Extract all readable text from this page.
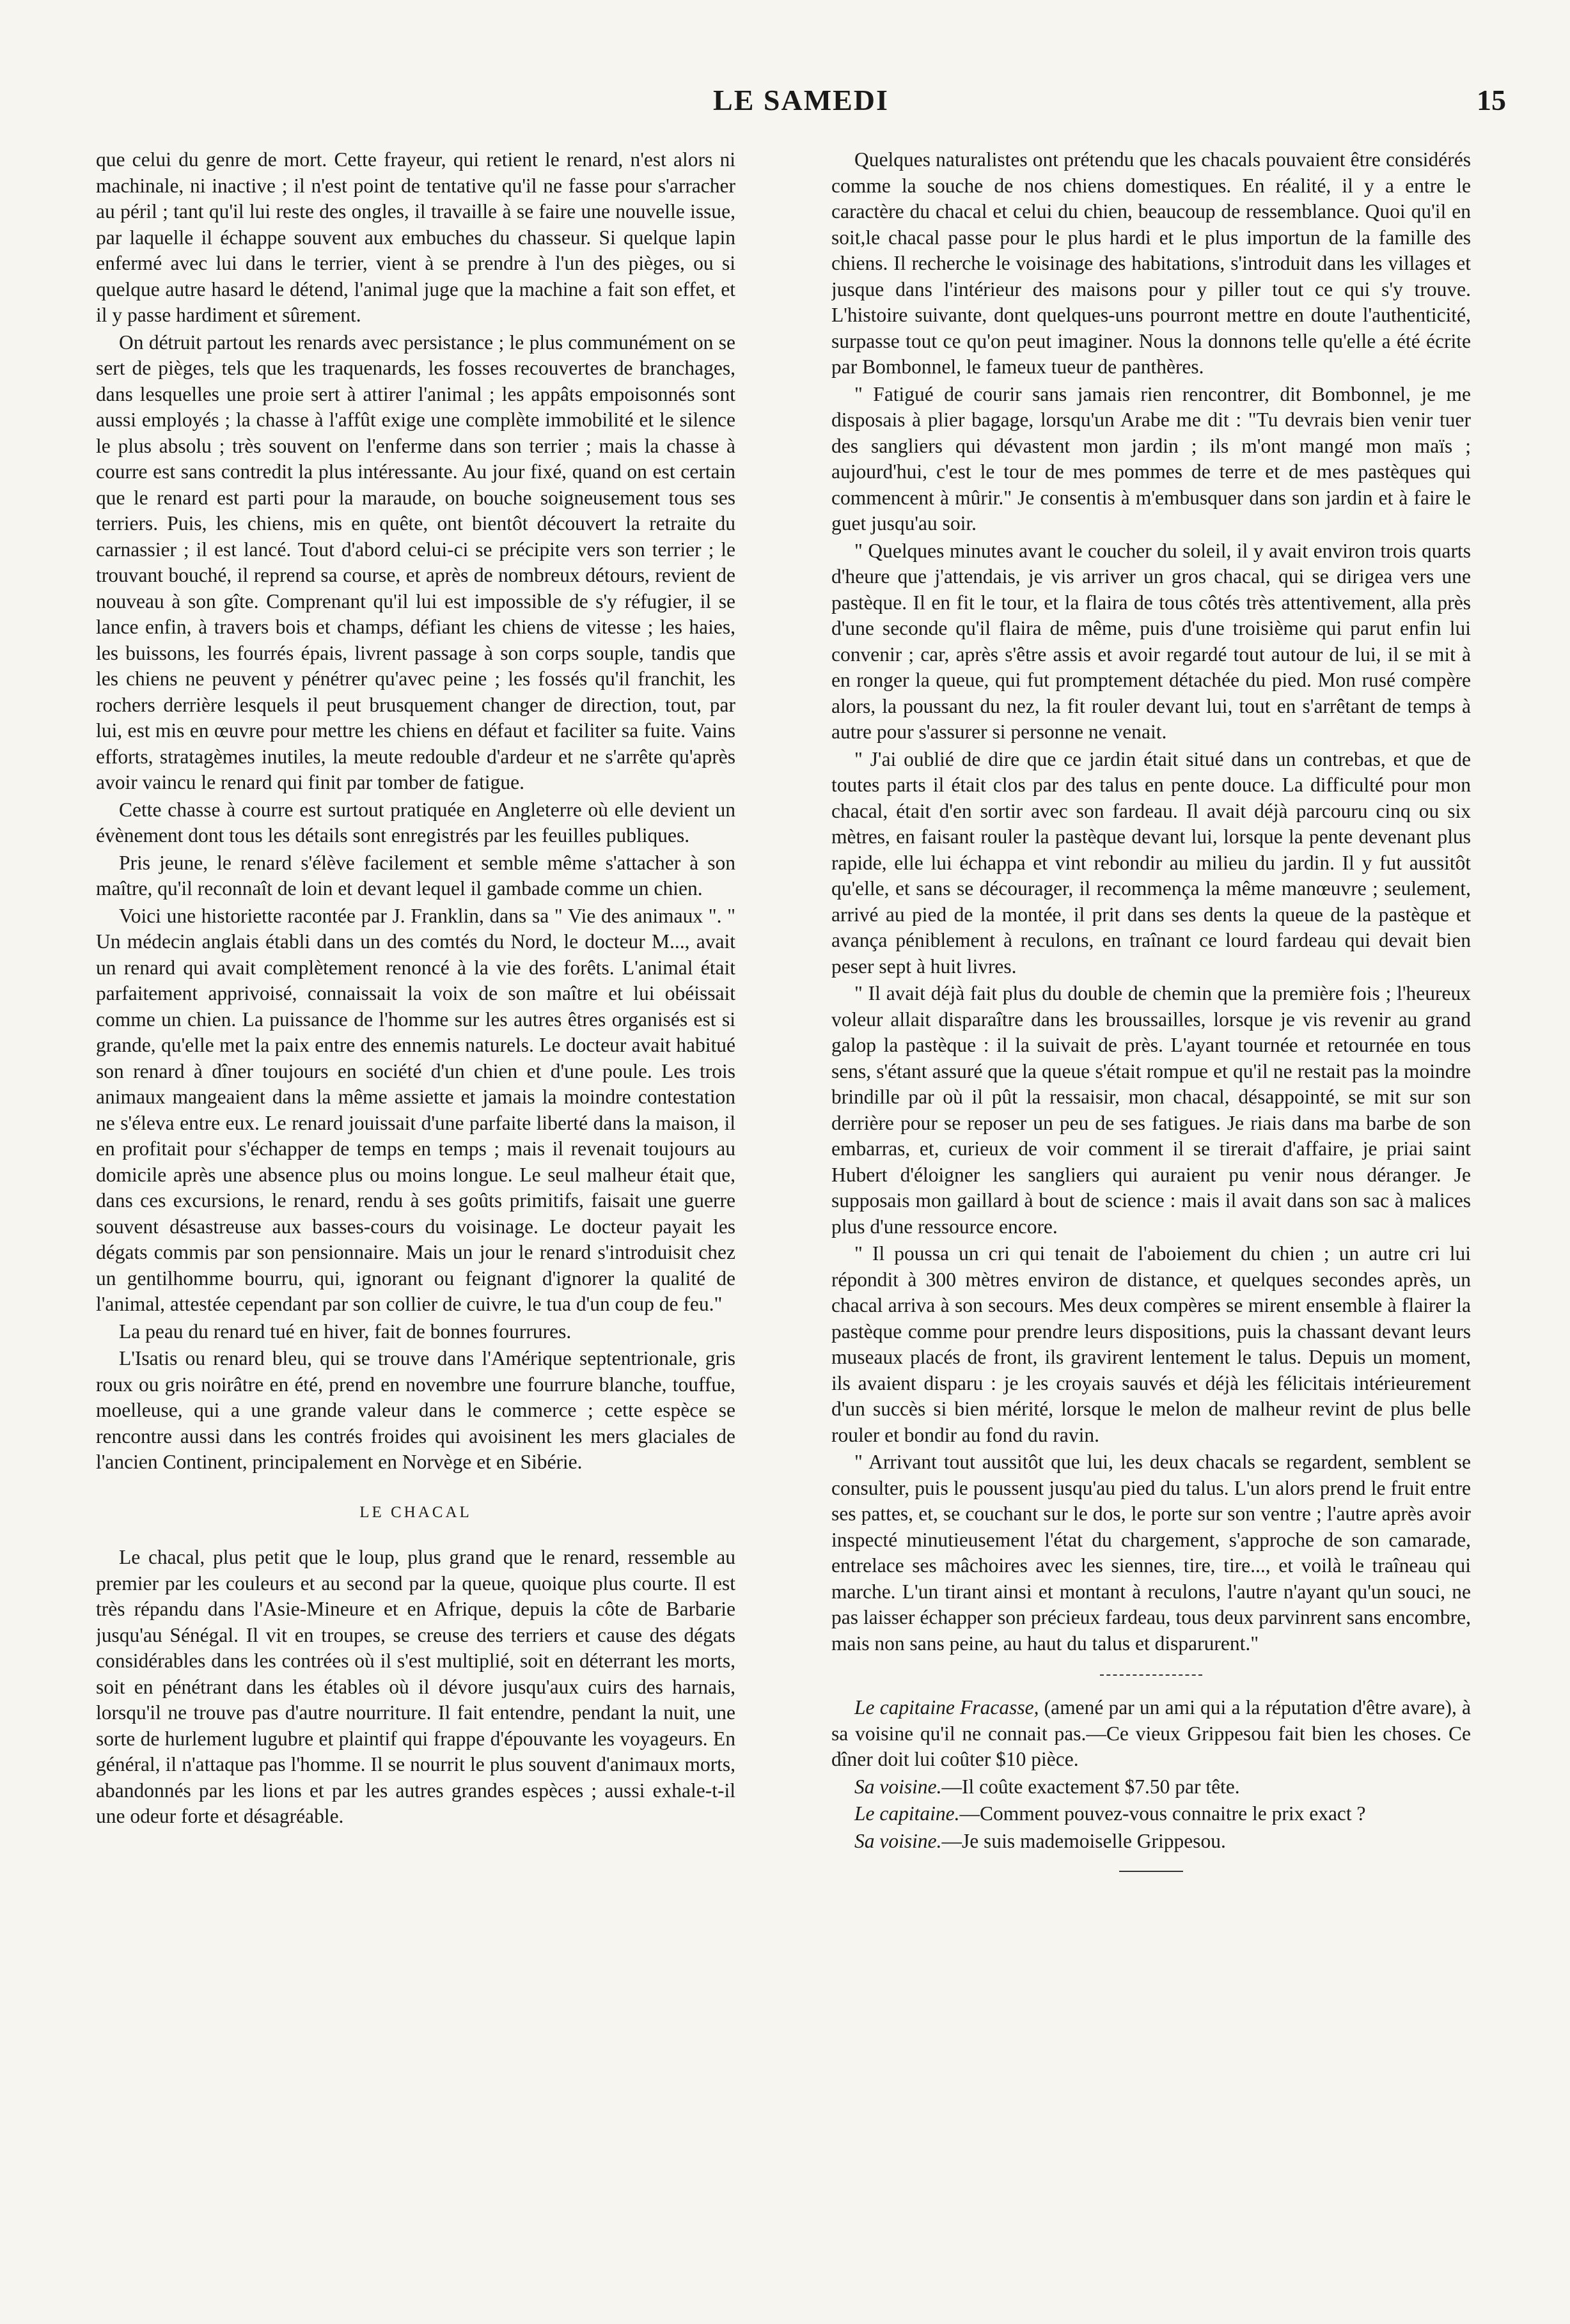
LE SAMEDI	15

que celui du genre de mort. Cette frayeur, qui retient le renard, n'est alors ni machinale, ni inactive ; il n'est point de tentative qu'il ne fasse pour s'arracher au péril ; tant qu'il lui reste des ongles, il travaille à se faire une nouvelle issue, par laquelle il échappe souvent aux embuches du chasseur. Si quelque lapin enfermé avec lui dans le terrier, vient à se prendre à l'un des pièges, ou si quelque autre hasard le détend, l'animal juge que la machine a fait son effet, et il y passe hardiment et sûrement.

On détruit partout les renards avec persistance ; le plus communément on se sert de pièges, tels que les traquenards, les fosses recouvertes de branchages, dans lesquelles une proie sert à attirer l'animal ; les appâts empoisonnés sont aussi employés ; la chasse à l'affût exige une complète immobilité et le silence le plus absolu ; très souvent on l'enferme dans son terrier ; mais la chasse à courre est sans contredit la plus intéressante. Au jour fixé, quand on est certain que le renard est parti pour la maraude, on bouche soigneusement tous ses terriers. Puis, les chiens, mis en quête, ont bientôt découvert la retraite du carnassier ; il est lancé. Tout d'abord celui-ci se précipite vers son terrier ; le trouvant bouché, il reprend sa course, et après de nombreux détours, revient de nouveau à son gîte. Comprenant qu'il lui est impossible de s'y réfugier, il se lance enfin, à travers bois et champs, défiant les chiens de vitesse ; les haies, les buissons, les fourrés épais, livrent passage à son corps souple, tandis que les chiens ne peuvent y pénétrer qu'avec peine ; les fossés qu'il franchit, les rochers derrière lesquels il peut brusquement changer de direction, tout, par lui, est mis en œuvre pour mettre les chiens en défaut et faciliter sa fuite. Vains efforts, stratagèmes inutiles, la meute redouble d'ardeur et ne s'arrête qu'après avoir vaincu le renard qui finit par tomber de fatigue.

Cette chasse à courre est surtout pratiquée en Angleterre où elle devient un évènement dont tous les détails sont enregistrés par les feuilles publiques.

Pris jeune, le renard s'élève facilement et semble même s'attacher à son maître, qu'il reconnaît de loin et devant lequel il gambade comme un chien.

Voici une historiette racontée par J. Franklin, dans sa " Vie des animaux ". " Un médecin anglais établi dans un des comtés du Nord, le docteur M..., avait un renard qui avait complètement renoncé à la vie des forêts. L'animal était parfaitement apprivoisé, connaissait la voix de son maître et lui obéissait comme un chien. La puissance de l'homme sur les autres êtres organisés est si grande, qu'elle met la paix entre des ennemis naturels. Le docteur avait habitué son renard à dîner toujours en société d'un chien et d'une poule. Les trois animaux mangeaient dans la même assiette et jamais la moindre contestation ne s'éleva entre eux. Le renard jouissait d'une parfaite liberté dans la maison, il en profitait pour s'échapper de temps en temps ; mais il revenait toujours au domicile après une absence plus ou moins longue. Le seul malheur était que, dans ces excursions, le renard, rendu à ses goûts primitifs, faisait une guerre souvent désastreuse aux basses-cours du voisinage. Le docteur payait les dégats commis par son pensionnaire. Mais un jour le renard s'introduisit chez un gentilhomme bourru, qui, ignorant ou feignant d'ignorer la qualité de l'animal, attestée cependant par son collier de cuivre, le tua d'un coup de feu."

La peau du renard tué en hiver, fait de bonnes fourrures.

L'Isatis ou renard bleu, qui se trouve dans l'Amérique septentrionale, gris roux ou gris noirâtre en été, prend en novembre une fourrure blanche, touffue, moelleuse, qui a une grande valeur dans le commerce ; cette espèce se rencontre aussi dans les contrés froides qui avoisinent les mers glaciales de l'ancien Continent, principalement en Norvège et en Sibérie.

LE CHACAL

Le chacal, plus petit que le loup, plus grand que le renard, ressemble au premier par les couleurs et au second par la queue, quoique plus courte. Il est très répandu dans l'Asie-Mineure et en Afrique, depuis la côte de Barbarie jusqu'au Sénégal. Il vit en troupes, se creuse des terriers et cause des dégats considérables dans les contrées où il s'est multiplié, soit en déterrant les morts, soit en pénétrant dans les étables où il dévore jusqu'aux cuirs des harnais, lorsqu'il ne trouve pas d'autre nourriture. Il fait entendre, pendant la nuit, une sorte de hurlement lugubre et plaintif qui frappe d'épouvante les voyageurs. En général, il n'attaque pas l'homme. Il se nourrit le plus souvent d'animaux morts, abandonnés par les lions et par les autres grandes espèces ; aussi exhale-t-il une odeur forte et désagréable.

Quelques naturalistes ont prétendu que les chacals pouvaient être considérés comme la souche de nos chiens domestiques. En réalité, il y a entre le caractère du chacal et celui du chien, beaucoup de ressemblance. Quoi qu'il en soit,le chacal passe pour le plus hardi et le plus importun de la famille des chiens. Il recherche le voisinage des habitations, s'introduit dans les villages et jusque dans l'intérieur des maisons pour y piller tout ce qui s'y trouve. L'histoire suivante, dont quelques-uns pourront mettre en doute l'authenticité, surpasse tout ce qu'on peut imaginer. Nous la donnons telle qu'elle a été écrite par Bombonnel, le fameux tueur de panthères.

" Fatigué de courir sans jamais rien rencontrer, dit Bombonnel, je me disposais à plier bagage, lorsqu'un Arabe me dit : "Tu devrais bien venir tuer des sangliers qui dévastent mon jardin ; ils m'ont mangé mon maïs ; aujourd'hui, c'est le tour de mes pommes de terre et de mes pastèques qui commencent à mûrir." Je consentis à m'embusquer dans son jardin et à faire le guet jusqu'au soir.

" Quelques minutes avant le coucher du soleil, il y avait environ trois quarts d'heure que j'attendais, je vis arriver un gros chacal, qui se dirigea vers une pastèque. Il en fit le tour, et la flaira de tous côtés très attentivement, alla près d'une seconde qu'il flaira de même, puis d'une troisième qui parut enfin lui convenir ; car, après s'être assis et avoir regardé tout autour de lui, il se mit à en ronger la queue, qui fut promptement détachée du pied. Mon rusé compère alors, la poussant du nez, la fit rouler devant lui, tout en s'arrêtant de temps à autre pour s'assurer si personne ne venait.

" J'ai oublié de dire que ce jardin était situé dans un contrebas, et que de toutes parts il était clos par des talus en pente douce. La difficulté pour mon chacal, était d'en sortir avec son fardeau. Il avait déjà parcouru cinq ou six mètres, en faisant rouler la pastèque devant lui, lorsque la pente devenant plus rapide, elle lui échappa et vint rebondir au milieu du jardin. Il y fut aussitôt qu'elle, et sans se décourager, il recommença la même manœuvre ; seulement, arrivé au pied de la montée, il prit dans ses dents la queue de la pastèque et avança péniblement à reculons, en traînant ce lourd fardeau qui devait bien peser sept à huit livres.

" Il avait déjà fait plus du double de chemin que la première fois ; l'heureux voleur allait disparaître dans les broussailles, lorsque je vis revenir au grand galop la pastèque : il la suivait de près. L'ayant tournée et retournée en tous sens, s'étant assuré que la queue s'était rompue et qu'il ne restait pas la moindre brindille par où il pût la ressaisir, mon chacal, désappointé, se mit sur son derrière pour se reposer un peu de ses fatigues. Je riais dans ma barbe de son embarras, et, curieux de voir comment il se tirerait d'affaire, je priai saint Hubert d'éloigner les sangliers qui auraient pu venir nous déranger. Je supposais mon gaillard à bout de science : mais il avait dans son sac à malices plus d'une ressource encore.

" Il poussa un cri qui tenait de l'aboiement du chien ; un autre cri lui répondit à 300 mètres environ de distance, et quelques secondes après, un chacal arriva à son secours. Mes deux compères se mirent ensemble à flairer la pastèque comme pour prendre leurs dispositions, puis la chassant devant leurs museaux placés de front, ils gravirent lentement le talus. Depuis un moment, ils avaient disparu : je les croyais sauvés et déjà les félicitais intérieurement d'un succès si bien mérité, lorsque le melon de malheur revint de plus belle rouler et bondir au fond du ravin.

" Arrivant tout aussitôt que lui, les deux chacals se regardent, semblent se consulter, puis le poussent jusqu'au pied du talus. L'un alors prend le fruit entre ses pattes, et, se couchant sur le dos, le porte sur son ventre ; l'autre après avoir inspecté minutieusement l'état du chargement, s'approche de son camarade, entrelace ses mâchoires avec les siennes, tire, tire..., et voilà le traîneau qui marche. L'un tirant ainsi et montant à reculons, l'autre n'ayant qu'un souci, ne pas laisser échapper son précieux fardeau, tous deux parvinrent sans encombre, mais non sans peine, au haut du talus et disparurent."

Le capitaine Fracasse, (amené par un ami qui a la réputation d'être avare), à sa voisine qu'il ne connait pas.—Ce vieux Grippesou fait bien les choses. Ce dîner doit lui coûter $10 pièce.

Sa voisine.—Il coûte exactement $7.50 par tête.

Le capitaine.—Comment pouvez-vous connaitre le prix exact ?

Sa voisine.—Je suis mademoiselle Grippesou.
